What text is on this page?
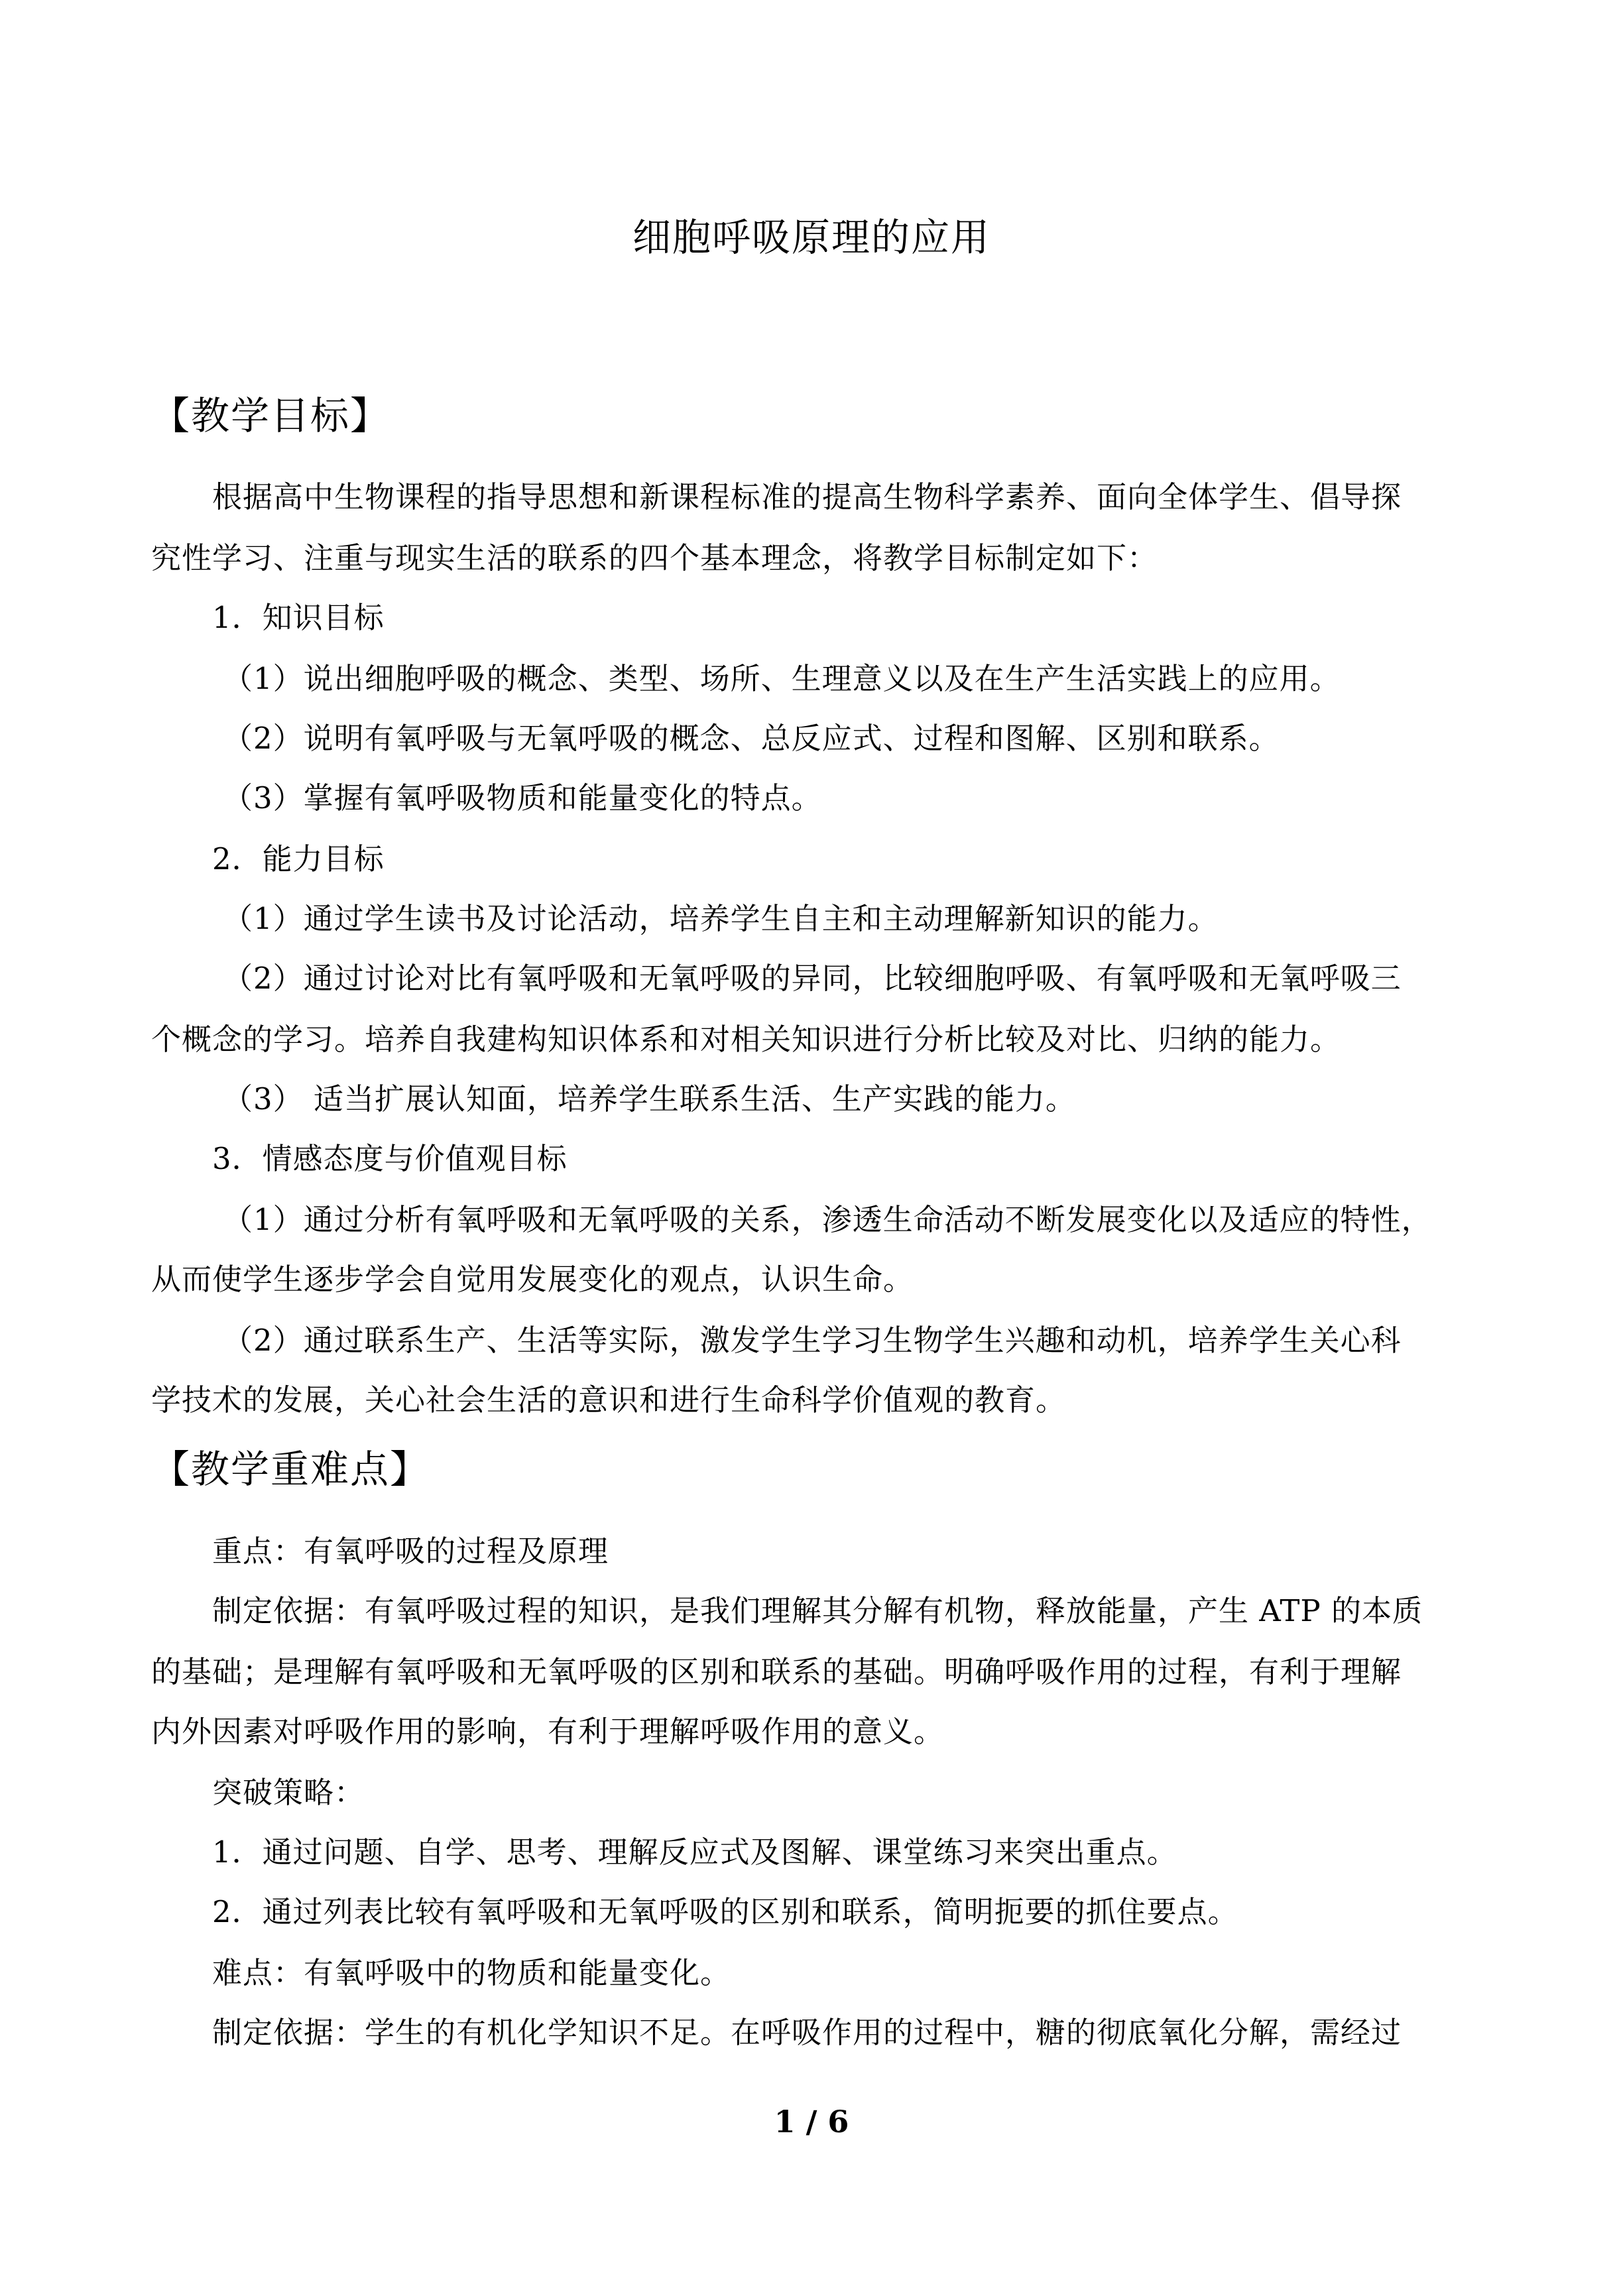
细胞呼吸原理的应用
【教学目标】
根据高中生物课程的指导思想和新课程标准的提高生物科学素养、面向全体学生、倡导探
究性学习、注重与现实生活的联系的四个基本理念，将教学目标制定如下：
1．知识目标
（1）说出细胞呼吸的概念、类型、场所、生理意义以及在生产生活实践上的应用。
（2）说明有氧呼吸与无氧呼吸的概念、总反应式、过程和图解、区别和联系。
（3）掌握有氧呼吸物质和能量变化的特点。
2．能力目标
（1）通过学生读书及讨论活动，培养学生自主和主动理解新知识的能力。
（2）通过讨论对比有氧呼吸和无氧呼吸的异同，比较细胞呼吸、有氧呼吸和无氧呼吸三
个概念的学习。培养自我建构知识体系和对相关知识进行分析比较及对比、归纳的能力。
（3） 适当扩展认知面，培养学生联系生活、生产实践的能力。
3．情感态度与价值观目标
（1）通过分析有氧呼吸和无氧呼吸的关系，渗透生命活动不断发展变化以及适应的特性，
从而使学生逐步学会自觉用发展变化的观点，认识生命。
（2）通过联系生产、生活等实际，激发学生学习生物学生兴趣和动机，培养学生关心科
学技术的发展，关心社会生活的意识和进行生命科学价值观的教育。
【教学重难点】
重点：有氧呼吸的过程及原理
制定依据：有氧呼吸过程的知识，是我们理解其分解有机物，释放能量，产生 ATP 的本质
的基础；是理解有氧呼吸和无氧呼吸的区别和联系的基础。明确呼吸作用的过程，有利于理解
内外因素对呼吸作用的影响，有利于理解呼吸作用的意义。
突破策略：
1．通过问题、自学、思考、理解反应式及图解、课堂练习来突出重点。
2．通过列表比较有氧呼吸和无氧呼吸的区别和联系，简明扼要的抓住要点。
难点：有氧呼吸中的物质和能量变化。
制定依据：学生的有机化学知识不足。在呼吸作用的过程中，糖的彻底氧化分解，需经过
1 / 6
